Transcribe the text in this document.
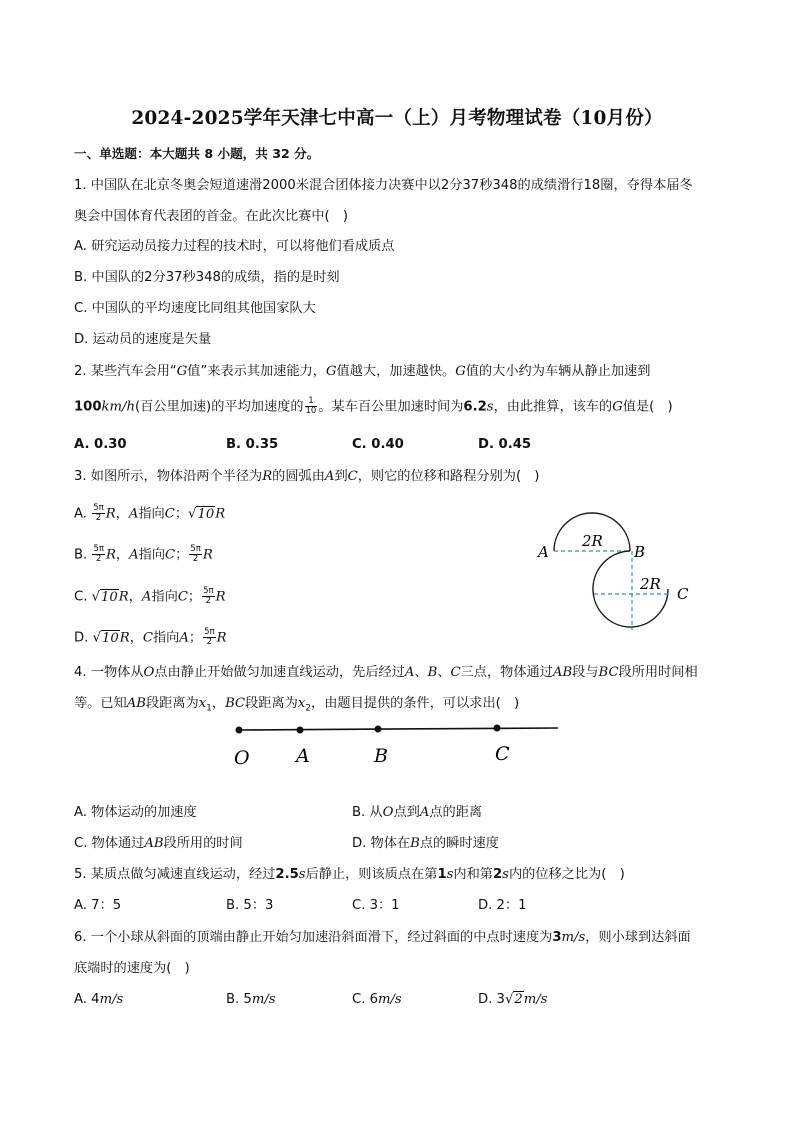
2024-2025学年天津七中高一（上）月考物理试卷（10月份）
一、单选题：本大题共 8 小题，共 32 分。
1. 中国队在北京冬奥会短道速滑2000米混合团体接力决赛中以2分37秒348的成绩滑行18圈，夺得本届冬
奥会中国体育代表团的首金。在此次比赛中(　)
A. 研究运动员接力过程的技术时，可以将他们看成质点
B. 中国队的2分37秒348的成绩，指的是时刻
C. 中国队的平均速度比同组其他国家队大
D. 运动员的速度是矢量
2. 某些汽车会用“G值”来表示其加速能力，G值越大，加速越快。G值的大小约为车辆从静止加速到
100km/h(百公里加速)的平均加速度的 $\frac{1}{10}$ 。某车百公里加速时间为6.2s，由此推算，该车的G值是(　)
A. 0.30	B. 0.35	C. 0.40	D. 0.45
3. 如图所示，物体沿两个半径为R的圆弧由A到C，则它的位移和路程分别为(　)
A. $\frac{5\pi}{2}$ R，A指向C；√10R
B. $\frac{5\pi}{2}$ R，A指向C； $\frac{5\pi}{2}$ R
C. √10R，A指向C； $\frac{5\pi}{2}$ R
D. √10R，C指向A； $\frac{5\pi}{2}$ R
A	B
C
2R
2R
4. 一物体从O点由静止开始做匀加速直线运动，先后经过A、B、C三点，物体通过AB段与BC段所用时间相
等。已知AB段距离为$x_1$，BC段距离为$x_2$，由题目提供的条件，可以求出(　)
O A	B	C
A. 物体运动的加速度	B. 从O点到A点的距离
C. 物体通过AB段所用的时间	D. 物体在B点的瞬时速度
5. 某质点做匀减速直线运动，经过2.5s后静止，则该质点在第1s内和第2s内的位移之比为(　)
A. 7：5	B. 5：3	C. 3：1	D. 2：1
6. 一个小球从斜面的顶端由静止开始匀加速沿斜面滑下，经过斜面的中点时速度为3m/s，则小球到达斜面
底端时的速度为(　)
A. 4m/s	B. 5m/s	C. 6m/s	D. 3√2m/s
